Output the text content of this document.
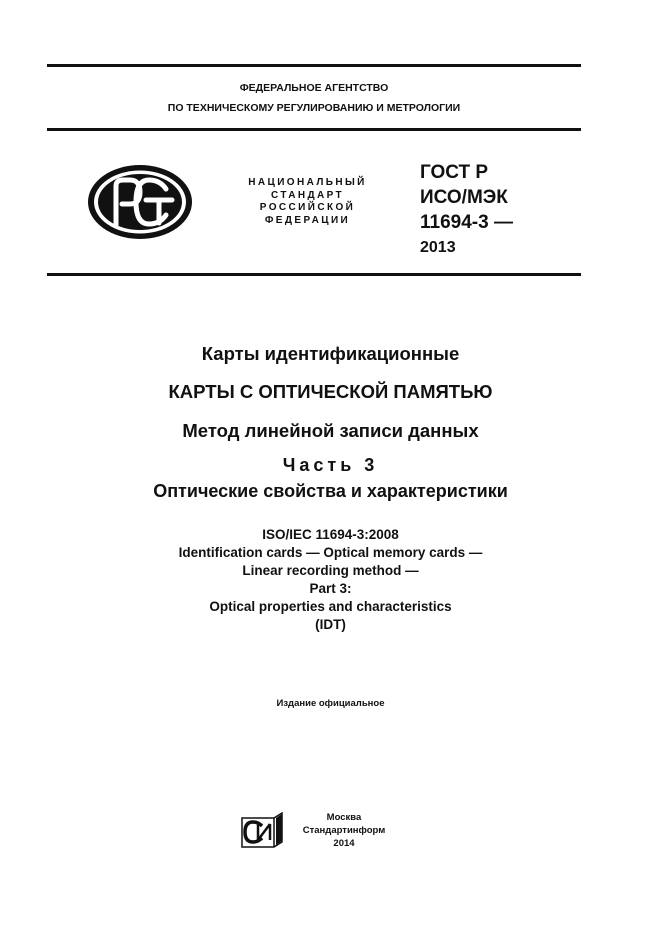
ФЕДЕРАЛЬНОЕ АГЕНТСТВО
ПО ТЕХНИЧЕСКОМУ РЕГУЛИРОВАНИЮ И МЕТРОЛОГИИ
НАЦИОНАЛЬНЫЙ
СТАНДАРТ
РОССИЙСКОЙ
ФЕДЕРАЦИИ
ГОСТ Р
ИСО/МЭК
11694-3 —
2013
Карты идентификационные
КАРТЫ С ОПТИЧЕСКОЙ ПАМЯТЬЮ
Метод линейной записи данных
Часть 3
Оптические свойства и характеристики
ISO/IEC 11694-3:2008
Identification cards — Optical memory cards —
Linear recording method —
Part 3:
Optical properties and characteristics
(IDT)
Издание официальное
Москва
Стандартинформ
2014
